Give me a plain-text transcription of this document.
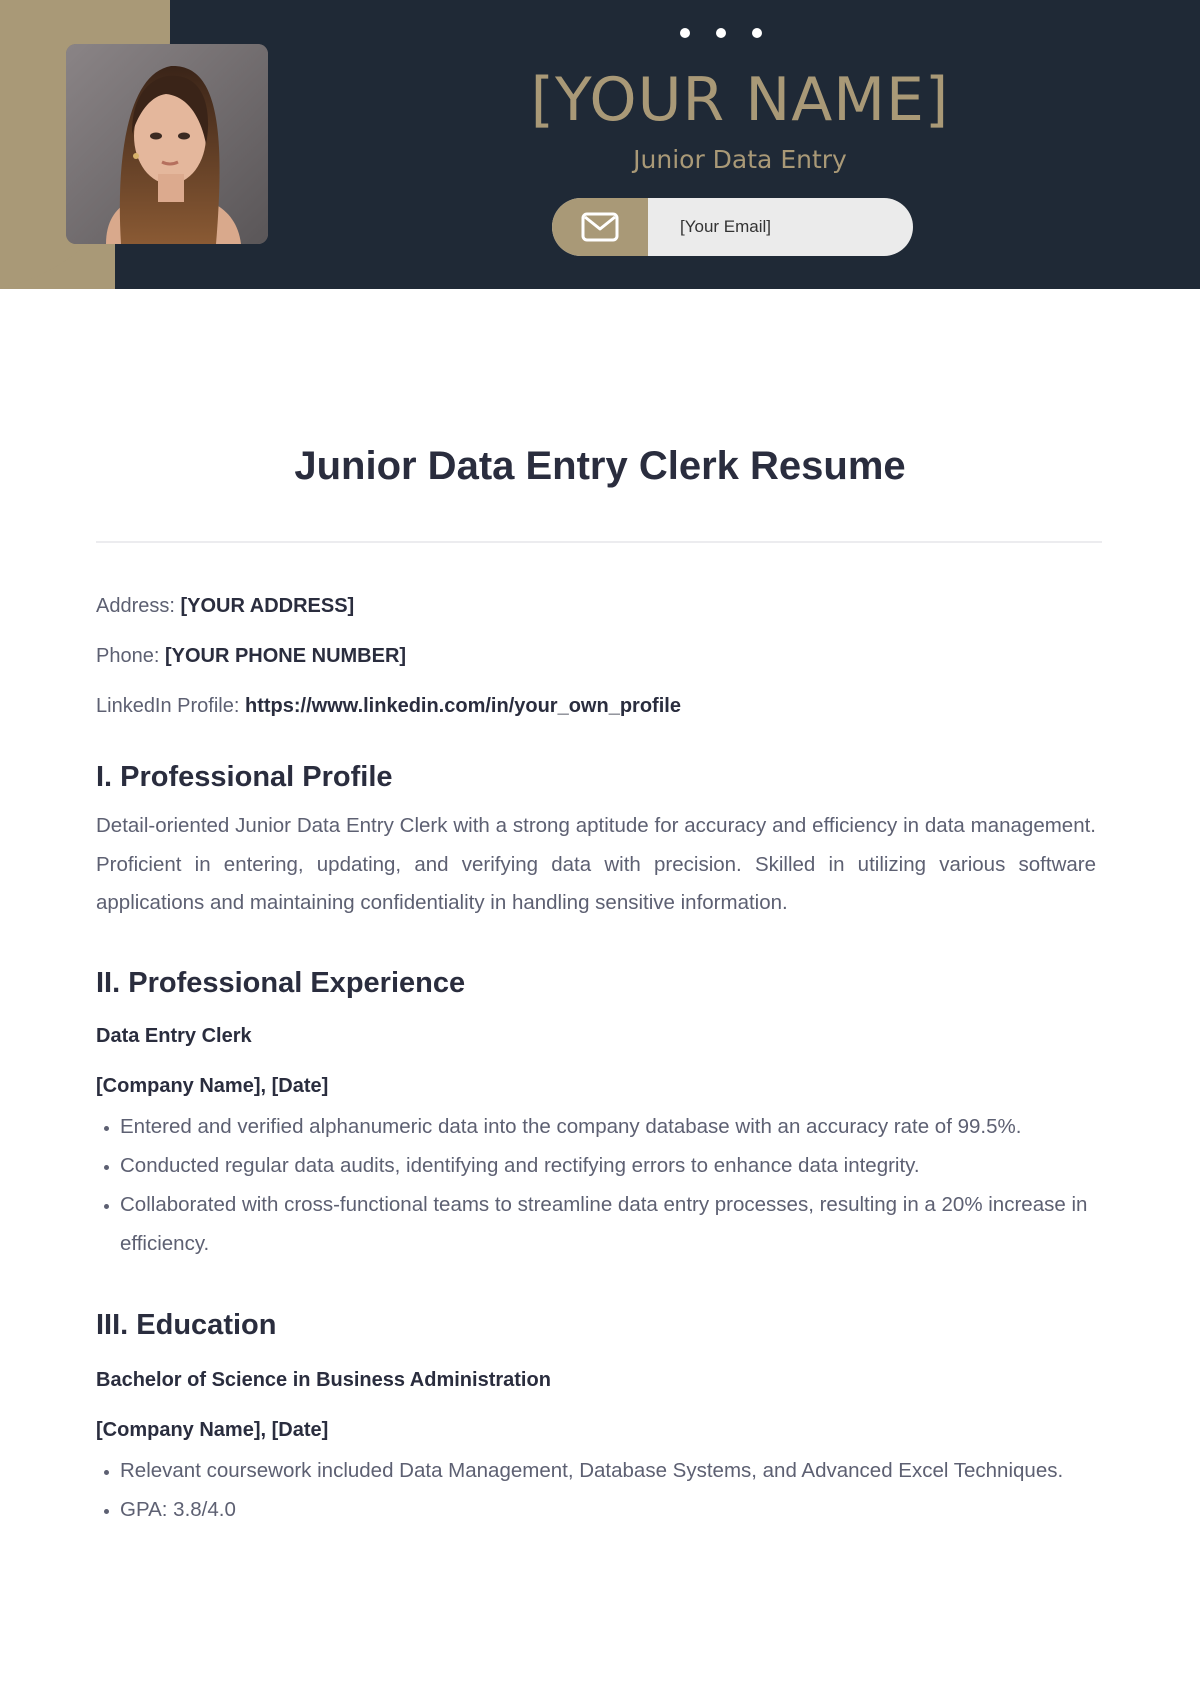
[YOUR NAME]
Junior Data Entry
[Your Email]
Junior Data Entry Clerk Resume

Address: [YOUR ADDRESS]

Phone: [YOUR PHONE NUMBER]

LinkedIn Profile: https://www.linkedin.com/in/your_own_profile

I. Professional Profile

Detail-oriented Junior Data Entry Clerk with a strong aptitude for accuracy and efficiency in data management. Proficient in entering, updating, and verifying data with precision. Skilled in utilizing various software applications and maintaining confidentiality in handling sensitive information.

II. Professional Experience

Data Entry Clerk

[Company Name], [Date]

Entered and verified alphanumeric data into the company database with an accuracy rate of 99.5%.
Conducted regular data audits, identifying and rectifying errors to enhance data integrity.
Collaborated with cross-functional teams to streamline data entry processes, resulting in a 20% increase in efficiency.
III. Education

Bachelor of Science in Business Administration

[Company Name], [Date]

Relevant coursework included Data Management, Database Systems, and Advanced Excel Techniques.
GPA: 3.8/4.0
